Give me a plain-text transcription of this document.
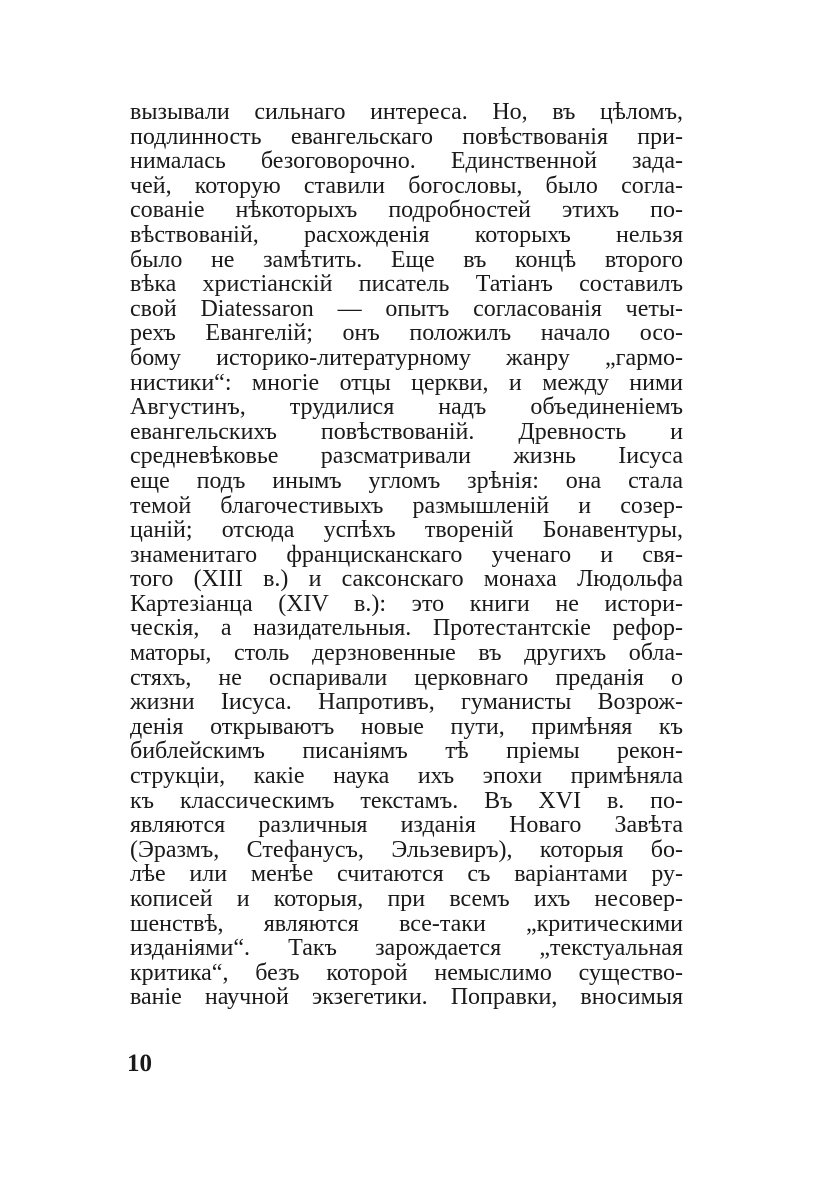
вызывали сильнаго интереса. Но, въ цѣломъ,
подлинность евангельскаго повѣствованія при-
нималась безоговорочно. Единственной зада-
чей, которую ставили богословы, было согла-
сованіе нѣкоторыхъ подробностей этихъ по-
вѣствованій, расхожденія которыхъ нельзя
было не замѣтить. Еще въ концѣ второго
вѣка христіанскій писатель Татіанъ составилъ
свой Diatessaron — опытъ согласованія четы-
рехъ Евангелій; онъ положилъ начало осо-
бому историко-литературному жанру „гармо-
нистики“: многіе отцы церкви, и между ними
Августинъ, трудилися надъ объединеніемъ
евангельскихъ повѣствованій. Древность и
средневѣковье разсматривали жизнь Іисуса
еще подъ инымъ угломъ зрѣнія: она стала
темой благочестивыхъ размышленій и созер-
цаній; отсюда успѣхъ твореній Бонавентуры,
знаменитаго францисканскаго ученаго и свя-
того (XIII в.) и саксонскаго монаха Людольфа
Картезіанца (XIV в.): это книги не истори-
ческія, а назидательныя. Протестантскіе рефор-
маторы, столь дерзновенные въ другихъ обла-
стяхъ, не оспаривали церковнаго преданія о
жизни Іисуса. Напротивъ, гуманисты Возрож-
денія открываютъ новые пути, примѣняя къ
библейскимъ писаніямъ тѣ пріемы рекон-
струкціи, какіе наука ихъ эпохи примѣняла
къ классическимъ текстамъ. Въ XVI в. по-
являются различныя изданія Новаго Завѣта
(Эразмъ, Стефанусъ, Эльзевиръ), которыя бо-
лѣе или менѣе считаются съ варіантами ру-
кописей и которыя, при всемъ ихъ несовер-
шенствѣ, являются все-таки „критическими
изданіями“. Такъ зарождается „текстуальная
критика“, безъ которой немыслимо существо-
ваніе научной экзегетики. Поправки, вносимыя
10
